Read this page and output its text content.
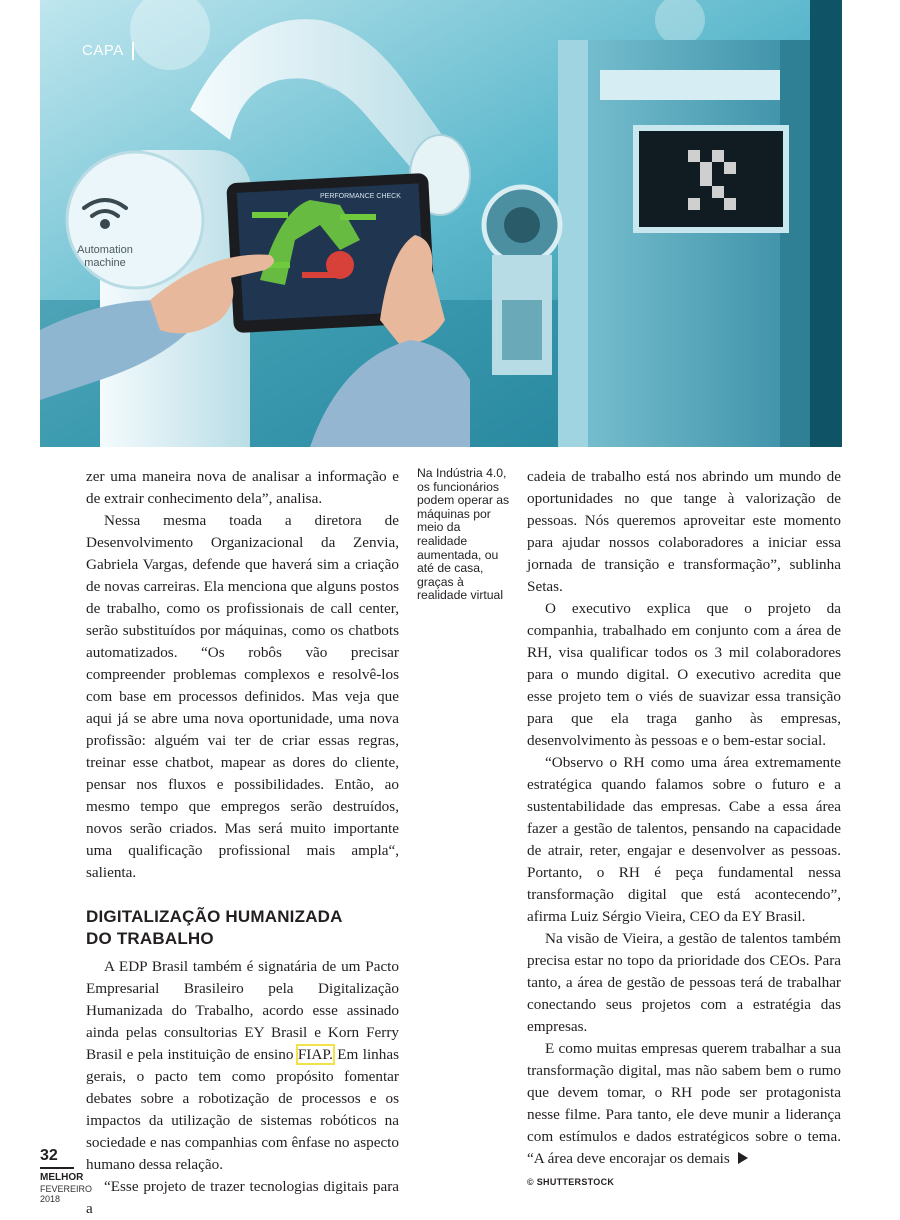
Automation
machine
PERFORMANCE CHECK
CAPA

zer uma maneira nova de analisar a informação e de extrair conhecimento dela”, analisa.

Nessa mesma toada a diretora de Desenvolvimento Organizacional da Zenvia, Gabriela Vargas, defende que haverá sim a criação de novas carreiras. Ela menciona que alguns postos de trabalho, como os profissionais de call center, serão substituídos por máquinas, como os chatbots automatizados. “Os robôs vão precisar compreender problemas complexos e resolvê-los com base em processos definidos. Mas veja que aqui já se abre uma nova oportunidade, uma nova profissão: alguém vai ter de criar essas regras, treinar esse chatbot, mapear as dores do cliente, pensar nos fluxos e possibilidades. Então, ao mesmo tempo que empregos serão destruídos, novos serão criados. Mas será muito importante uma qualificação profissional mais ampla“, salienta.

DIGITALIZAÇÃO HUMANIZADA
DO TRABALHO

A EDP Brasil também é signatária de um Pacto Empresarial Brasileiro pela Digitalização Humanizada do Trabalho, acordo esse assinado ainda pelas consultorias EY Brasil e Korn Ferry Brasil e pela instituição de ensino FIAP. Em linhas gerais, o pacto tem como propósito fomentar debates sobre a robotização de processos e os impactos da utilização de sistemas robóticos na sociedade e nas companhias com ênfase no aspecto humano dessa relação.

“Esse projeto de trazer tecnologias digitais para a

Na Indústria 4.0, os funcionários podem operar as máquinas por meio da realidade aumentada, ou até de casa, graças à realidade virtual

cadeia de trabalho está nos abrindo um mundo de oportunidades no que tange à valorização de pessoas. Nós queremos aproveitar este momento para ajudar nossos colaboradores a iniciar essa jornada de transição e transformação”, sublinha Setas.

O executivo explica que o projeto da companhia, trabalhado em conjunto com a área de RH, visa qualificar todos os 3 mil colaboradores para o mundo digital. O executivo acredita que esse projeto tem o viés de suavizar essa transição para que ela traga ganho às empresas, desenvolvimento às pessoas e o bem-estar social.

“Observo o RH como uma área extremamente estratégica quando falamos sobre o futuro e a sustentabilidade das empresas. Cabe a essa área fazer a gestão de talentos, pensando na capacidade de atrair, reter, engajar e desenvolver as pessoas. Portanto, o RH é peça fundamental nessa transformação digital que está acontecendo”, afirma Luiz Sérgio Vieira, CEO da EY Brasil.

Na visão de Vieira, a gestão de talentos também precisa estar no topo da prioridade dos CEOs. Para tanto, a área de gestão de pessoas terá de trabalhar conectando seus projetos com a estratégia das empresas.

E como muitas empresas querem trabalhar a sua transformação digital, mas não sabem bem o rumo que devem tomar, o RH pode ser protagonista nesse filme. Para tanto, ele deve munir a liderança com estímulos e dados estratégicos sobre o tema. “A área deve encorajar os demais

32
MELHOR
FEVEREIRO
2018
© SHUTTERSTOCK
